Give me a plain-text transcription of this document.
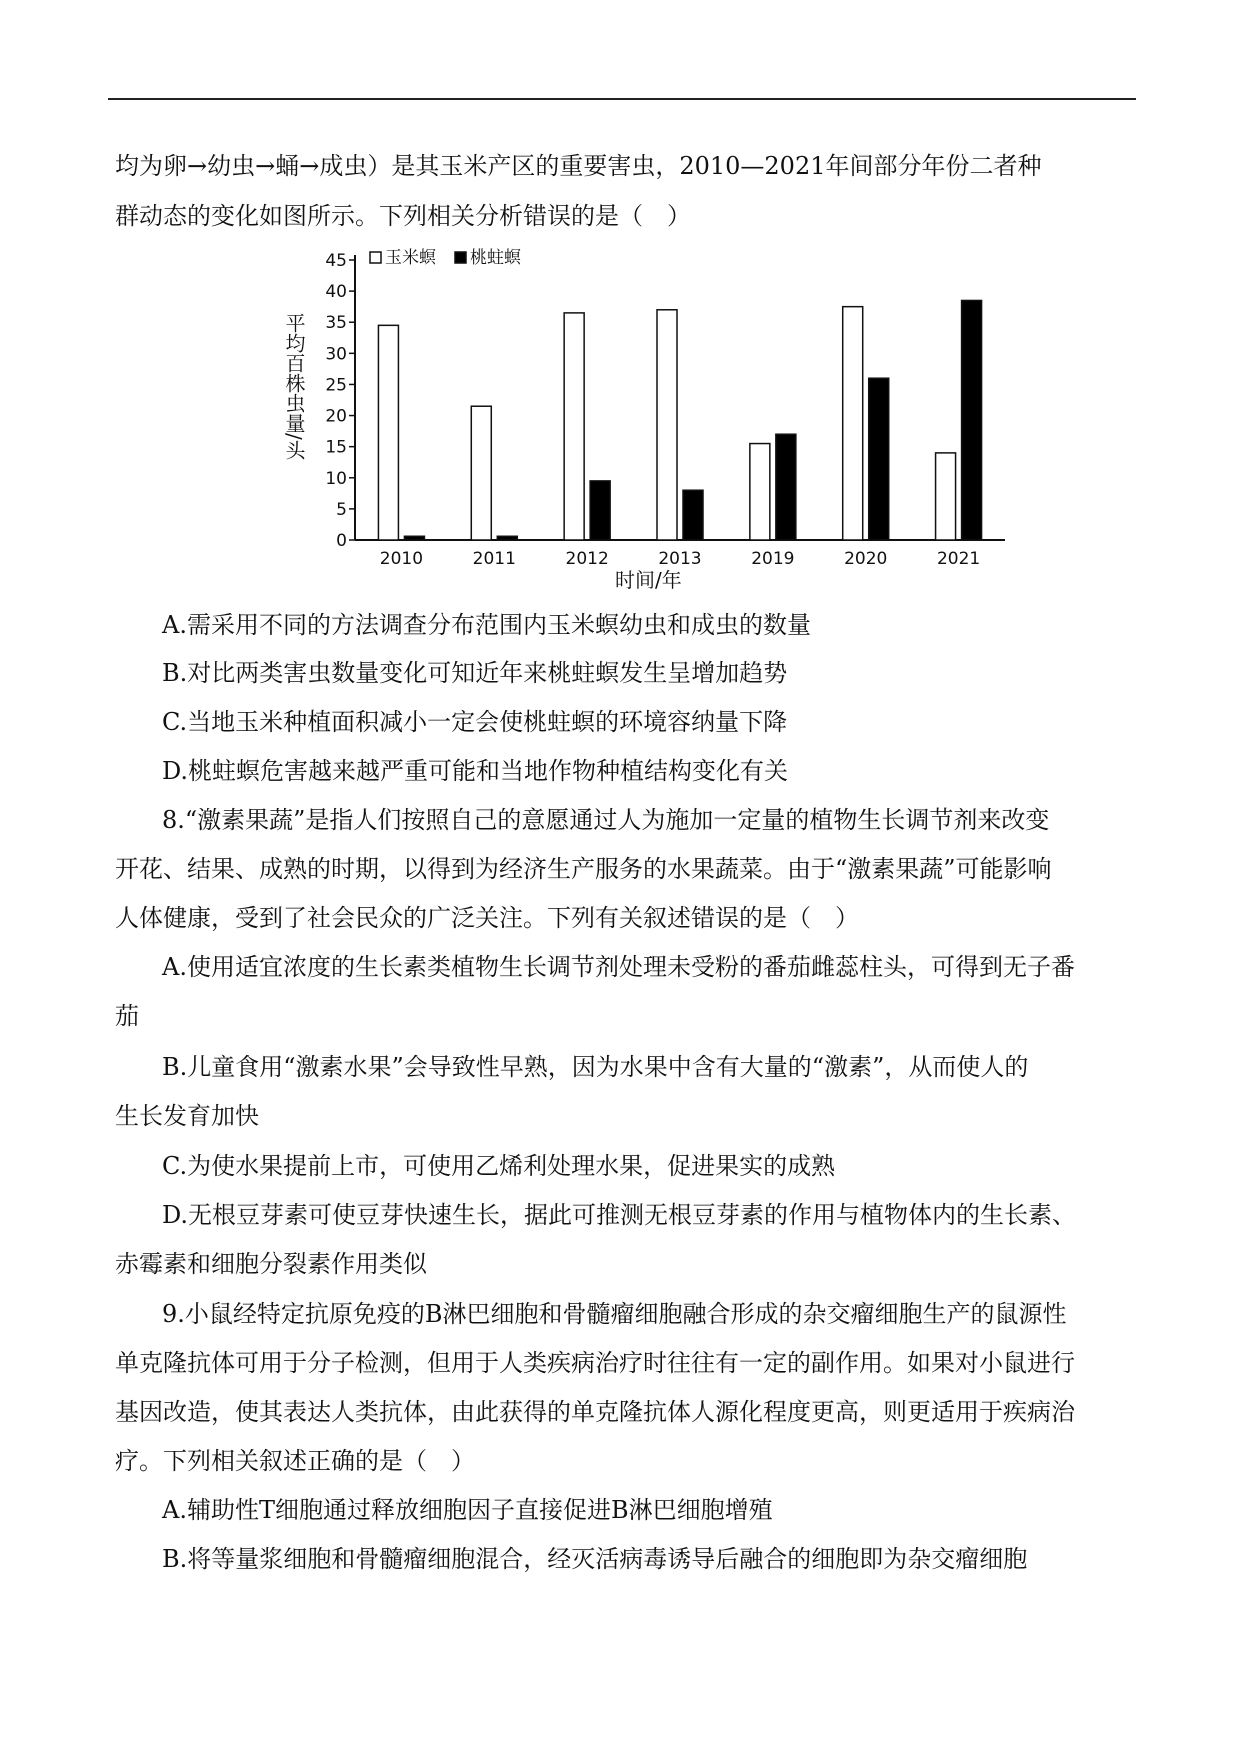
均为卵→幼虫→蛹→成虫）是其玉米产区的重要害虫，2010—2021年间部分年份二者种
群动态的变化如图所示。下列相关分析错误的是（　）
0
5
10
15
20
25
30
35
40
45
2010	2011	2012	2013	2019	2020	2021
玉米螟 桃蛀螟
平均百株虫量/头
时间/年
A.需采用不同的方法调查分布范围内玉米螟幼虫和成虫的数量
B.对比两类害虫数量变化可知近年来桃蛀螟发生呈增加趋势
C.当地玉米种植面积减小一定会使桃蛀螟的环境容纳量下降
D.桃蛀螟危害越来越严重可能和当地作物种植结构变化有关
8.“激素果蔬”是指人们按照自己的意愿通过人为施加一定量的植物生长调节剂来改变
开花、结果、成熟的时期，以得到为经济生产服务的水果蔬菜。由于“激素果蔬”可能影响
人体健康，受到了社会民众的广泛关注。下列有关叙述错误的是（　）
A.使用适宜浓度的生长素类植物生长调节剂处理未受粉的番茄雌蕊柱头，可得到无子番
茄
B.儿童食用“激素水果”会导致性早熟，因为水果中含有大量的“激素”，从而使人的
生长发育加快
C.为使水果提前上市，可使用乙烯利处理水果，促进果实的成熟
D.无根豆芽素可使豆芽快速生长，据此可推测无根豆芽素的作用与植物体内的生长素、
赤霉素和细胞分裂素作用类似
9.小鼠经特定抗原免疫的B淋巴细胞和骨髓瘤细胞融合形成的杂交瘤细胞生产的鼠源性
单克隆抗体可用于分子检测，但用于人类疾病治疗时往往有一定的副作用。如果对小鼠进行
基因改造，使其表达人类抗体，由此获得的单克隆抗体人源化程度更高，则更适用于疾病治
疗。下列相关叙述正确的是（　）
A.辅助性T细胞通过释放细胞因子直接促进B淋巴细胞增殖
B.将等量浆细胞和骨髓瘤细胞混合，经灭活病毒诱导后融合的细胞即为杂交瘤细胞
